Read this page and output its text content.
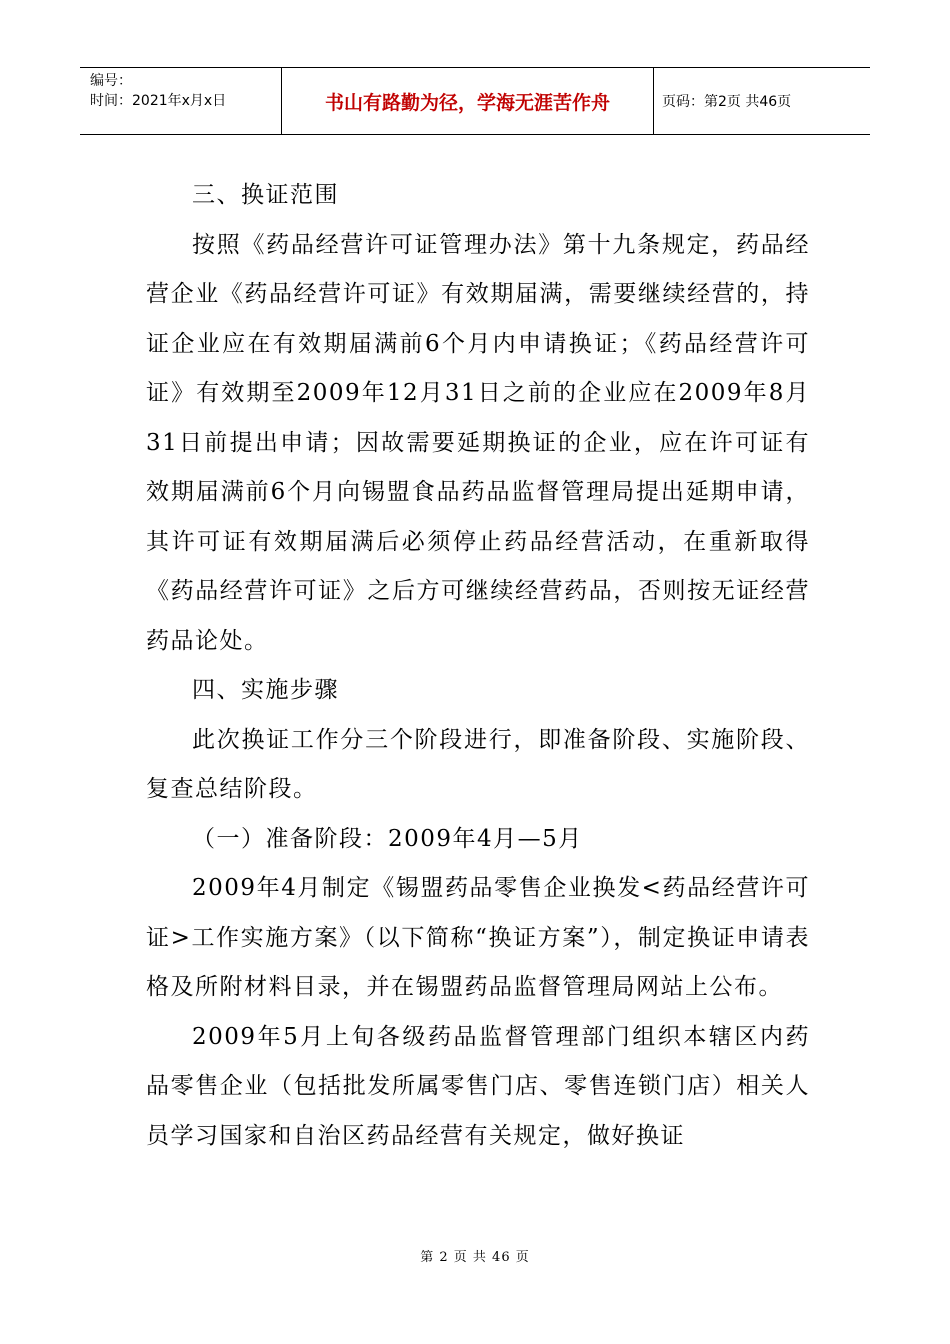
编号：
时间：2021年x月x日	书山有路勤为径，学海无涯苦作舟	页码：第2页 共46页

三、换证范围

按照《药品经营许可证管理办法》第十九条规定，药品经营企业《药品经营许可证》有效期届满，需要继续经营的，持证企业应在有效期届满前6个月内申请换证；《药品经营许可证》有效期至2009年12月31日之前的企业应在2009年8月31日前提出申请；因故需要延期换证的企业，应在许可证有效期届满前6个月向锡盟食品药品监督管理局提出延期申请，其许可证有效期届满后必须停止药品经营活动，在重新取得《药品经营许可证》之后方可继续经营药品，否则按无证经营药品论处。

四、实施步骤

此次换证工作分三个阶段进行，即准备阶段、实施阶段、复查总结阶段。

（一）准备阶段：2009年4月—5月

2009年4月制定《锡盟药品零售企业换发<药品经营许可证>工作实施方案》（以下简称“换证方案”），制定换证申请表格及所附材料目录，并在锡盟药品监督管理局网站上公布。

2009年5月上旬各级药品监督管理部门组织本辖区内药品零售企业（包括批发所属零售门店、零售连锁门店）相关人员学习国家和自治区药品经营有关规定，做好换证

第 2 页 共 46 页
